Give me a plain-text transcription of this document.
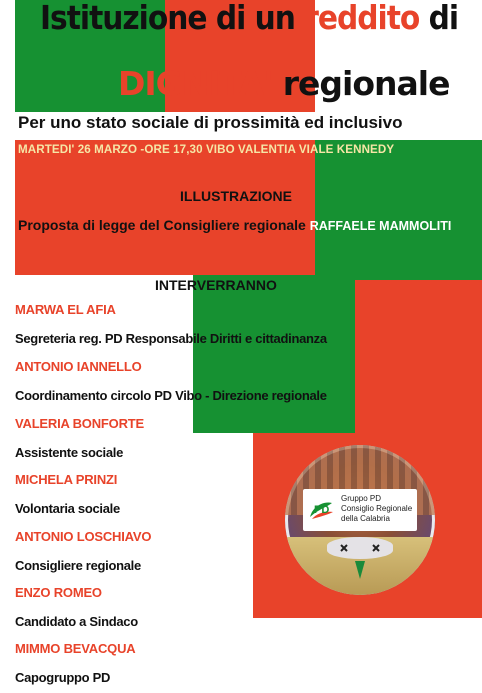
Istituzione di un reddito di
DIGNITA' regionale
Per uno stato sociale di prossimità ed inclusivo
MARTEDI' 26 MARZO -ORE 17,30 VIBO VALENTIA VIALE KENNEDY
ILLUSTRAZIONE
Proposta di legge del Consigliere regionale RAFFAELE MAMMOLITI
INTERVERRANNO
MARWA EL AFIA
Segreteria reg. PD Responsabile Diritti e cittadinanza
ANTONIO IANNELLO
Coordinamento circolo PD Vibo - Direzione regionale
VALERIA BONFORTE
Assistente sociale
MICHELA PRINZI
Volontaria sociale
ANTONIO LOSCHIAVO
Consigliere regionale
ENZO ROMEO
Candidato a Sindaco
MIMMO BEVACQUA
Capogruppo PD
PD
Gruppo PD
Consiglio Regionale
della Calabria
